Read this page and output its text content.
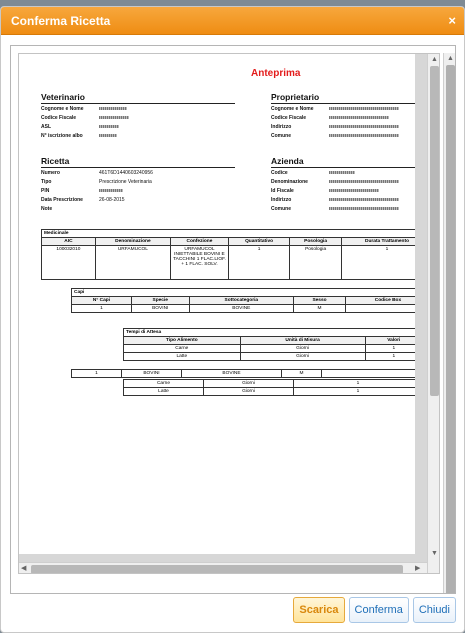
Conferma Ricetta	×
Anteprima
Veterinario
Cognome e Nome
Codice Fiscale
ASL
N° iscrizione albo
Proprietario
Cognome e Nome
Codice Fiscale
Indirizzo
Comune
Ricetta
Numero	461T6D1440603240956
Tipo	Prescrizione Veterinaria
PIN
Data Prescrizione	26-08-2015
Note
Azienda
Codice
Denominazione
Id Fiscale
Indirizzo
Comune
Medicinale					
AIC	Denominazione	Confezione	Quantitativo	Posologia	Durata Trattamento
100032010	URFAMUCOL	URFAMUCOL INIETTABILE BOVINI E TACCHINI 1 FLAC.LIOF. + 1 FLAC. SOLV.	1	Posologia	1
Capi				
N° Capi	Specie	Sottocategoria	Sesso	Codice Box
1	BOVINI	BOVINE	M	
Tempi di Attesa		
Tipo Alimento	Unità di Misura	Valori
Carne	Giorni	1
Latte	Giorni	1
1	BOVINI	BOVINE	M	
Carne	Giorni	1
Latte	Giorni	1
▲
▼
◀	▶
▲
Scarica	Conferma	Chiudi
